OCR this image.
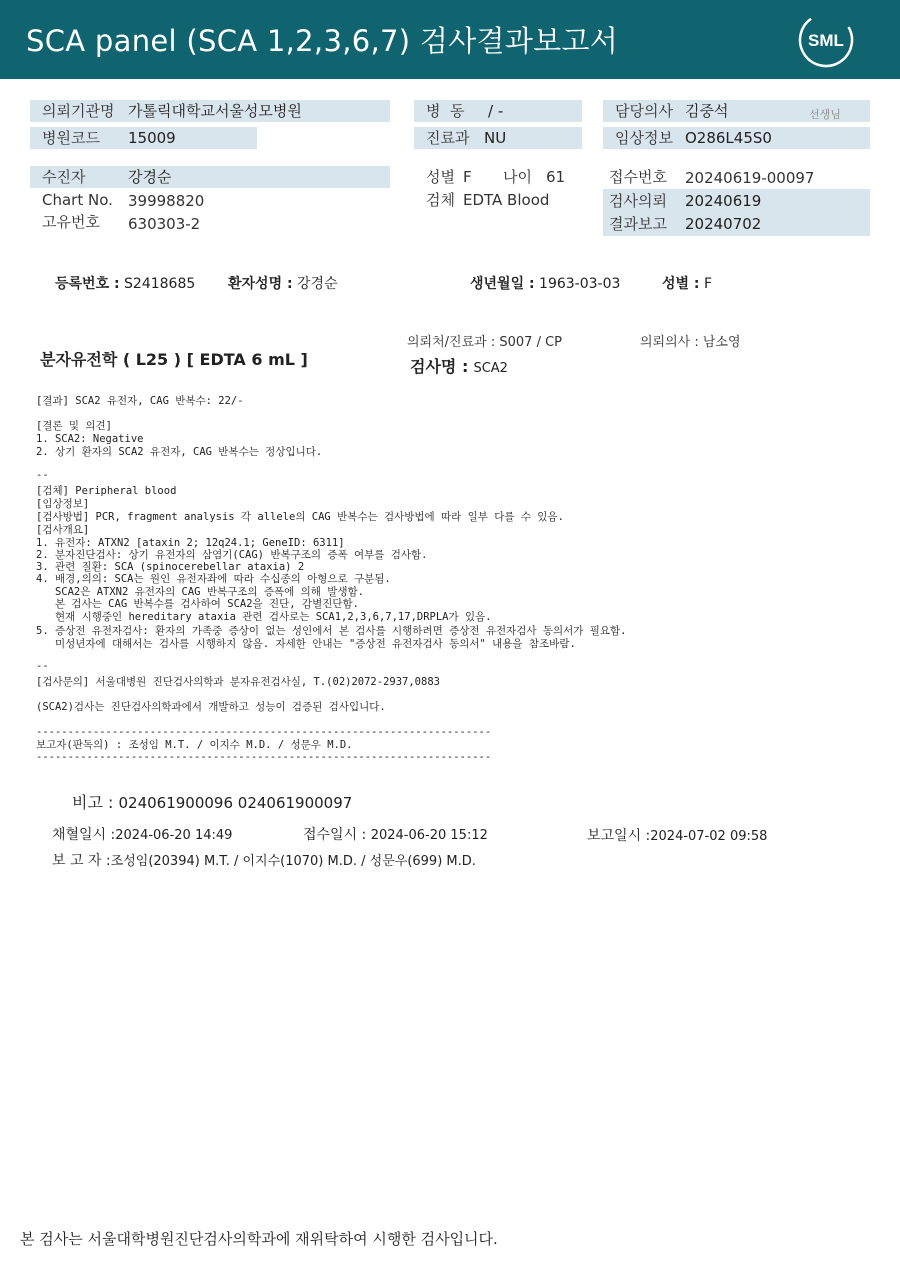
SCA panel (SCA 1,2,3,6,7) 검사결과보고서	SML
의뢰기관명 가톨릭대학교서울성모병원
병원코드 15009
병  동 / -
진료과 NU
담당의사 김중석	선생님
임상정보 O286L45S0
수진자	강경순
Chart No. 39998820
고유번호 630303-2
성별 F 나이 61
검체 EDTA Blood
접수번호 20240619-00097
검사의뢰 20240619
결과보고 20240702
등록번호 : S2418685 환자성명 : 강경순	생년월일 : 1963-03-03	성별 : F
의뢰처/진료과 : S007 / CP	의뢰의사 : 남소영
분자유전학 ( L25 ) [ EDTA 6 mL ]	검사명 : SCA2
[결과] SCA2 유전자, CAG 반복수: 22/-
[결론 및 의견]
1. SCA2: Negative
2. 상기 환자의 SCA2 유전자, CAG 반복수는 정상입니다.
--
[검체] Peripheral blood
[임상정보]
[검사방법] PCR, fragment analysis 각 allele의 CAG 반복수는 검사방법에 따라 일부 다를 수 있음.
[검사개요]
1. 유전자: ATXN2 [ataxin 2; 12q24.1; GeneID: 6311]
2. 분자진단검사: 상기 유전자의 삼염기(CAG) 반복구조의 증폭 여부를 검사함.
3. 관련 질환: SCA (spinocerebellar ataxia) 2
4. 배경,의의: SCA는 원인 유전자좌에 따라 수십종의 아형으로 구분됨.
SCA2은 ATXN2 유전자의 CAG 반복구조의 증폭에 의해 발생함.
본 검사는 CAG 반복수를 검사하여 SCA2을 진단, 감별진단함.
현재 시행중인 hereditary ataxia 관련 검사로는 SCA1,2,3,6,7,17,DRPLA가 있음.
5. 증상전 유전자검사: 환자의 가족중 증상이 없는 성인에서 본 검사를 시행하려면 증상전 유전자검사 동의서가 필요함.
미성년자에 대해서는 검사를 시행하지 않음. 자세한 안내는 "증상전 유전자검사 동의서" 내용을 참조바람.
--
[검사문의] 서울대병원 진단검사의학과 분자유전검사실, T.(02)2072-2937,0883
(SCA2)검사는 진단검사의학과에서 개발하고 성능이 검증된 검사입니다.
------------------------------------------------------------------------
보고자(판독의) : 조성임 M.T. / 이지수 M.D. / 성문우 M.D.
------------------------------------------------------------------------
비고 : 024061900096 024061900097
채혈일시 :2024-06-20 14:49	접수일시 : 2024-06-20 15:12	보고일시 :2024-07-02 09:58
보 고 자 :조성임(20394) M.T. / 이지수(1070) M.D. / 성문우(699) M.D.
본 검사는 서울대학병원진단검사의학과에 재위탁하여 시행한 검사입니다.
